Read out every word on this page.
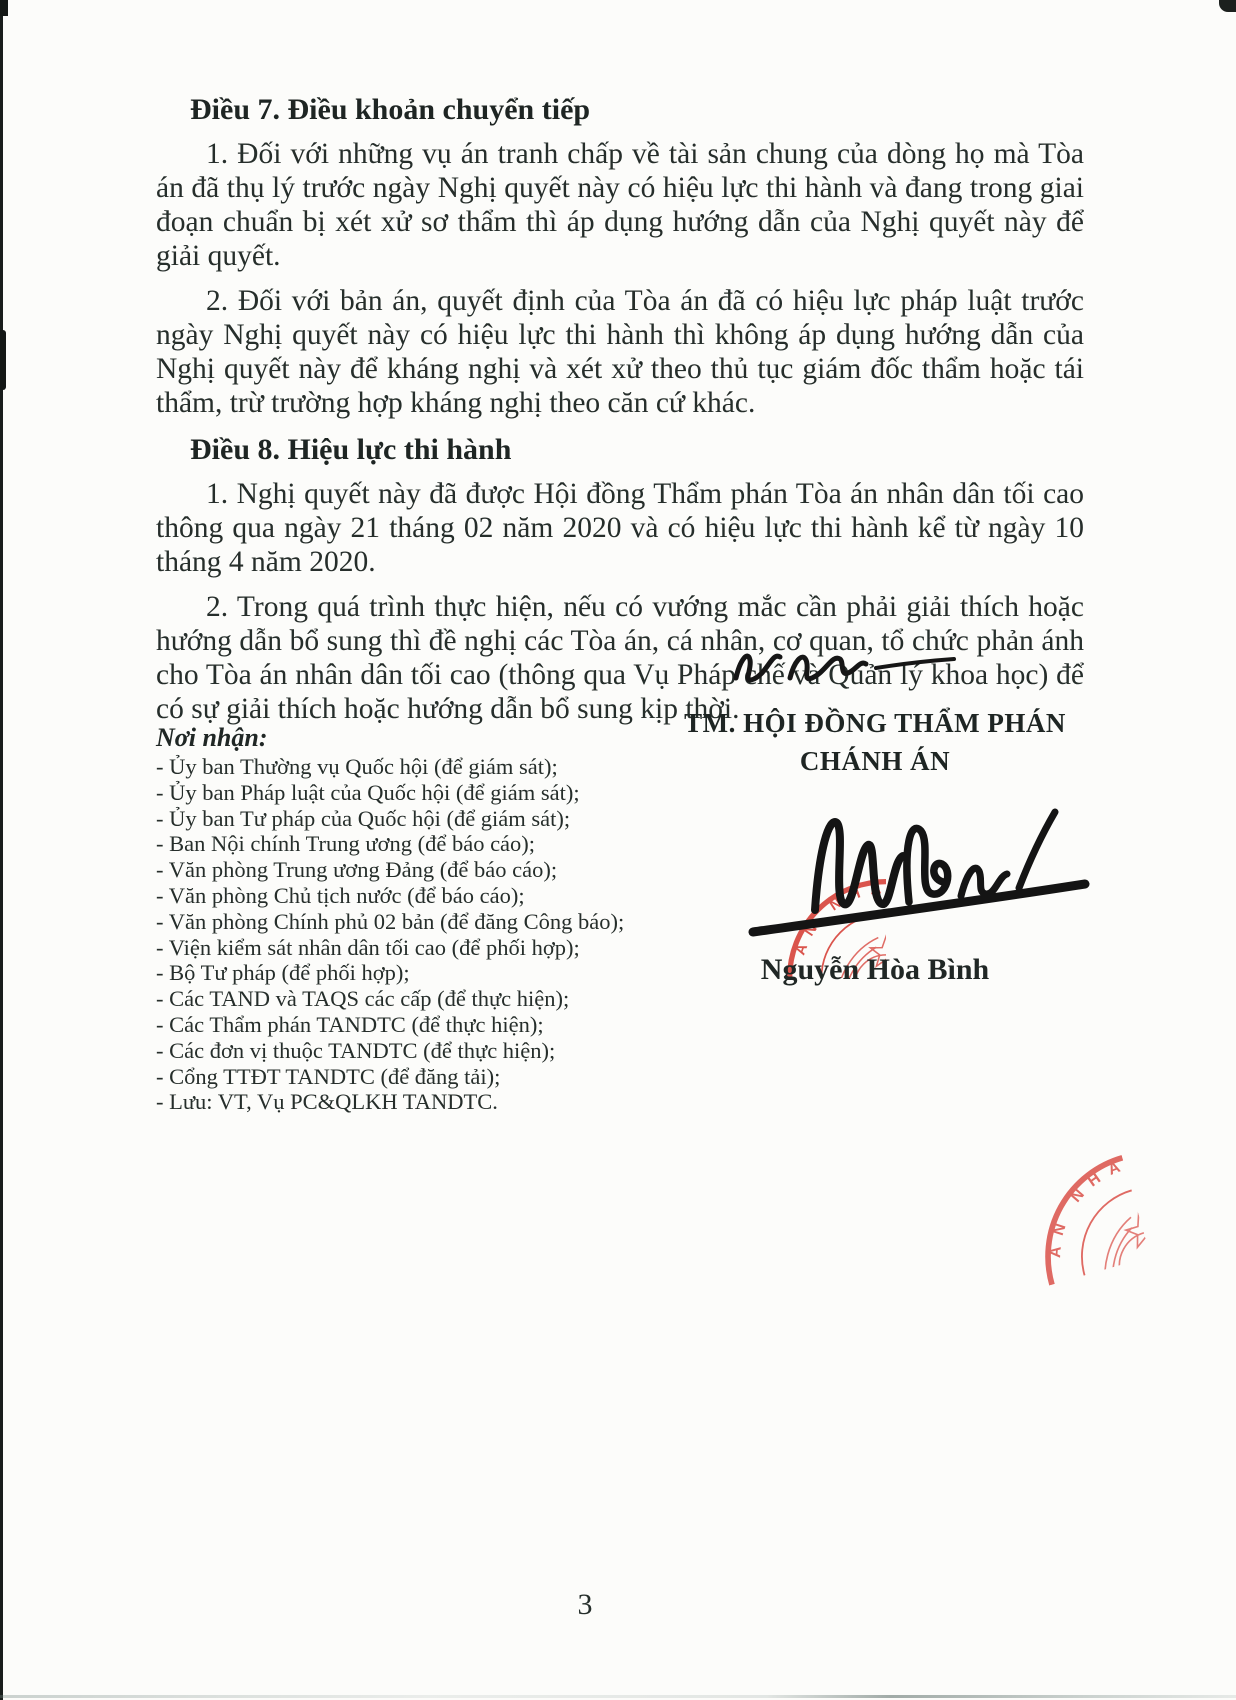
Điều 7. Điều khoản chuyển tiếp

1. Đối với những vụ án tranh chấp về tài sản chung của dòng họ mà Tòa án đã thụ lý trước ngày Nghị quyết này có hiệu lực thi hành và đang trong giai đoạn chuẩn bị xét xử sơ thẩm thì áp dụng hướng dẫn của Nghị quyết này để giải quyết.

2. Đối với bản án, quyết định của Tòa án đã có hiệu lực pháp luật trước ngày Nghị quyết này có hiệu lực thi hành thì không áp dụng hướng dẫn của Nghị quyết này để kháng nghị và xét xử theo thủ tục giám đốc thẩm hoặc tái thẩm, trừ trường hợp kháng nghị theo căn cứ khác.

Điều 8. Hiệu lực thi hành

1. Nghị quyết này đã được Hội đồng Thẩm phán Tòa án nhân dân tối cao thông qua ngày 21 tháng 02 năm 2020 và có hiệu lực thi hành kể từ ngày 10 tháng 4 năm 2020.

2. Trong quá trình thực hiện, nếu có vướng mắc cần phải giải thích hoặc hướng dẫn bổ sung thì đề nghị các Tòa án, cá nhân, cơ quan, tổ chức phản ánh cho Tòa án nhân dân tối cao (thông qua Vụ Pháp chế và Quản lý khoa học) để có sự giải thích hoặc hướng dẫn bổ sung kịp thời.

Nơi nhận:
- Ủy ban Thường vụ Quốc hội (để giám sát);
- Ủy ban Pháp luật của Quốc hội (để giám sát);
- Ủy ban Tư pháp của Quốc hội (để giám sát);
- Ban Nội chính Trung ương (để báo cáo);
- Văn phòng Trung ương Đảng (để báo cáo);
- Văn phòng Chủ tịch nước (để báo cáo);
- Văn phòng Chính phủ 02 bản (để đăng Công báo);
- Viện kiểm sát nhân dân tối cao (để phối hợp);
- Bộ Tư pháp (để phối hợp);
- Các TAND và TAQS các cấp (để thực hiện);
- Các Thẩm phán TANDTC (để thực hiện);
- Các đơn vị thuộc TANDTC (để thực hiện);
- Cổng TTĐT TANDTC (để đăng tải);
- Lưu: VT, Vụ PC&QLKH TANDTC.
TM. HỘI ĐỒNG THẨM PHÁN
CHÁNH ÁN
Nguyễn Hòa Bình
3
